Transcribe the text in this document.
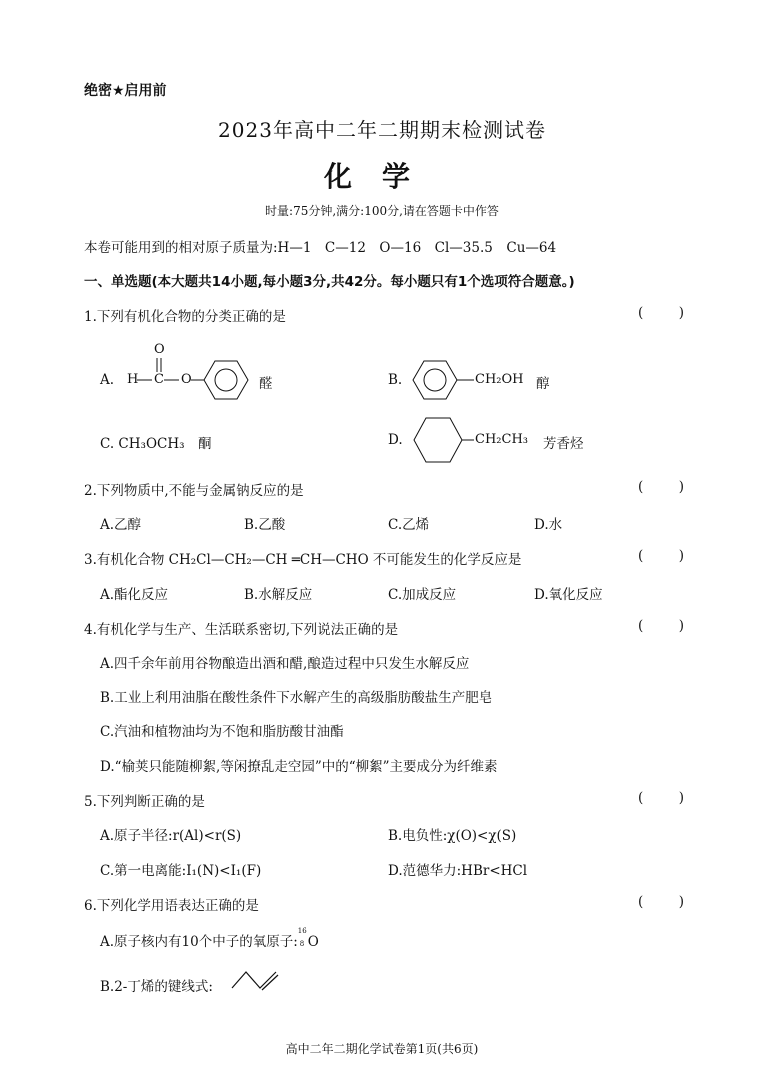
绝密★启用前
2023年高中二年二期期末检测试卷
化学
时量:75分钟,满分:100分,请在答题卡中作答
本卷可能用到的相对原子质量为:H—1　C—12　O—16　Cl—35.5　Cu—64
一、单选题(本大题共14小题,每小题3分,共42分。每小题只有1个选项符合题意。)
1.下列有机化合物的分类正确的是	(	)
A. H C
O
O	醛	B.	CH₂OH 醇
C. CH₃OCH₃　酮	D.	CH₂CH₃ 芳香烃
2.下列物质中,不能与金属钠反应的是	(	)
A.乙醇	B.乙酸	C.乙烯	D.水
3.有机化合物 CH₂Cl—CH₂—CH ═CH—CHO 不可能发生的化学反应是	(	)
A.酯化反应	B.水解反应	C.加成反应	D.氧化反应
4.有机化学与生产、生活联系密切,下列说法正确的是	(	)
A.四千余年前用谷物酿造出酒和醋,酿造过程中只发生水解反应
B.工业上利用油脂在酸性条件下水解产生的高级脂肪酸盐生产肥皂
C.汽油和植物油均为不饱和脂肪酸甘油酯
D.“榆荚只能随柳絮,等闲撩乱走空园”中的“柳絮”主要成分为纤维素
5.下列判断正确的是	(	)
A.原子半径:r(Al)<r(S)	B.电负性:χ(O)<χ(S)
C.第一电离能:I₁(N)<I₁(F)	D.范德华力:HBr<HCl
6.下列化学用语表达正确的是	(	)
A.原子核内有10个中子的氧原子:
16
8 O
B.2-丁烯的键线式:
高中二年二期化学试卷第1页(共6页)
